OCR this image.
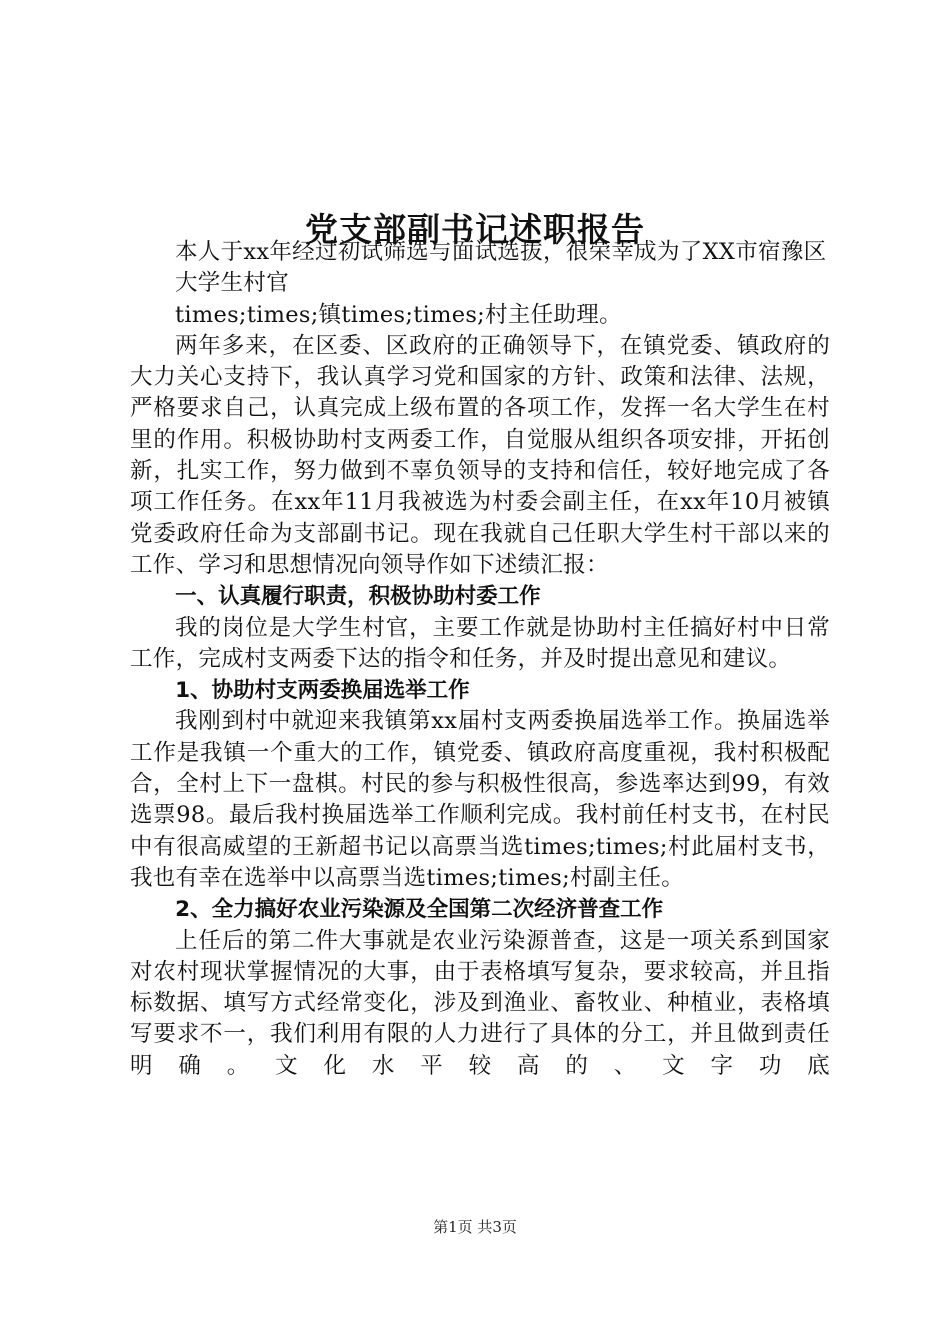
党支部副书记述职报告

本人于xx年经过初试筛选与面试选拔，很荣幸成为了XX市宿豫区

大学生村官

times;times;镇times;times;村主任助理。

两年多来，在区委、区政府的正确领导下，在镇党委、镇政府的大力关心支持下，我认真学习党和国家的方针、政策和法律、法规，严格要求自己，认真完成上级布置的各项工作，发挥一名大学生在村里的作用。积极协助村支两委工作，自觉服从组织各项安排，开拓创新，扎实工作，努力做到不辜负领导的支持和信任，较好地完成了各项工作任务。在xx年11月我被选为村委会副主任，在xx年10月被镇党委政府任命为支部副书记。现在我就自己任职大学生村干部以来的工作、学习和思想情况向领导作如下述绩汇报：

一、认真履行职责，积极协助村委工作

我的岗位是大学生村官，主要工作就是协助村主任搞好村中日常工作，完成村支两委下达的指令和任务，并及时提出意见和建议。

1、协助村支两委换届选举工作

我刚到村中就迎来我镇第xx届村支两委换届选举工作。换届选举工作是我镇一个重大的工作，镇党委、镇政府高度重视，我村积极配合，全村上下一盘棋。村民的参与积极性很高，参选率达到99，有效选票98。最后我村换届选举工作顺利完成。我村前任村支书，在村民中有很高威望的王新超书记以高票当选times;times;村此届村支书，我也有幸在选举中以高票当选times;times;村副主任。

2、全力搞好农业污染源及全国第二次经济普查工作

上任后的第二件大事就是农业污染源普查，这是一项关系到国家对农村现状掌握情况的大事，由于表格填写复杂，要求较高，并且指标数据、填写方式经常变化，涉及到渔业、畜牧业、种植业，表格填写要求不一，我们利用有限的人力进行了具体的分工，并且做到责任明确。文化水平较高的、文字功底

第1页 共3页
